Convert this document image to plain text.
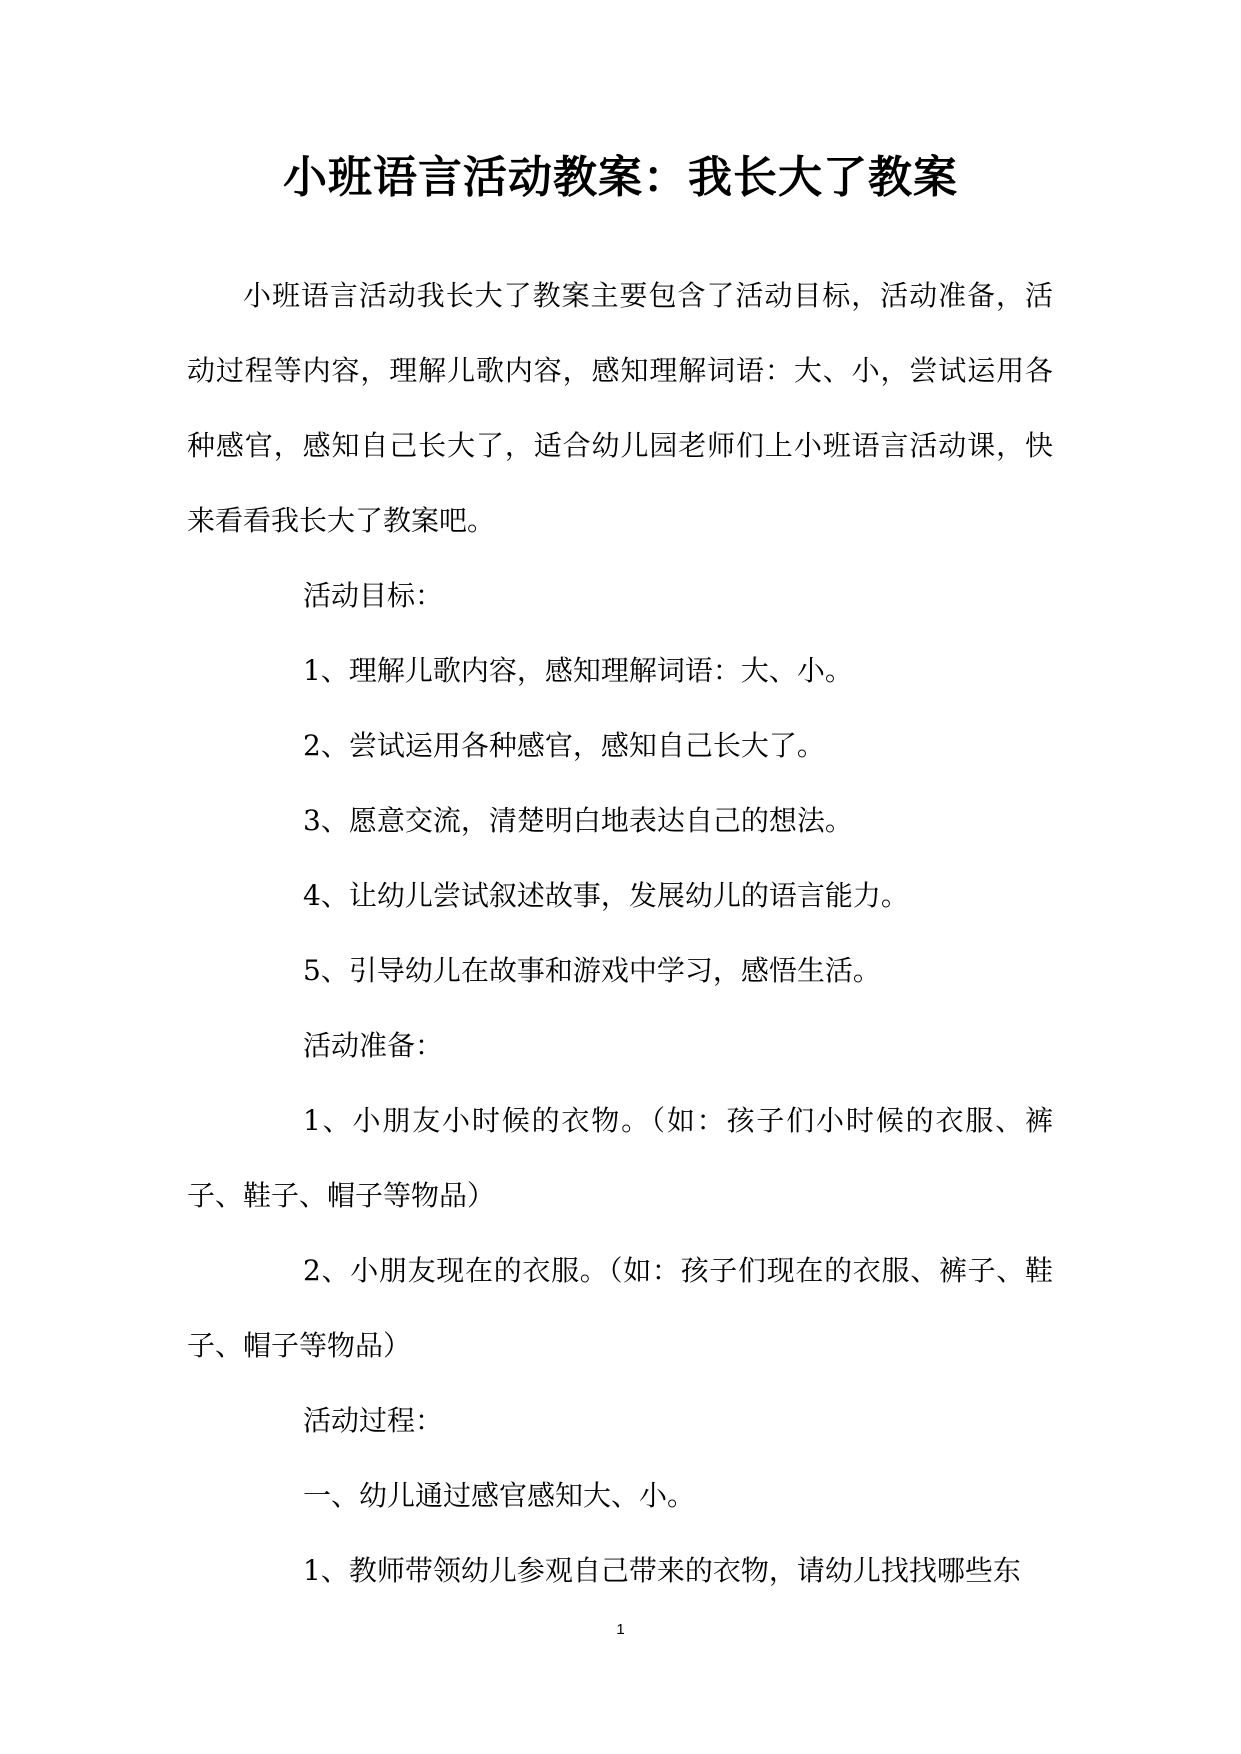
小班语言活动教案：我长大了教案

小班语言活动我长大了教案主要包含了活动目标，活动准备，活动过程等内容，理解儿歌内容，感知理解词语：大、小，尝试运用各种感官，感知自己长大了，适合幼儿园老师们上小班语言活动课，快来看看我长大了教案吧。

活动目标：

1、理解儿歌内容，感知理解词语：大、小。

2、尝试运用各种感官，感知自己长大了。

3、愿意交流，清楚明白地表达自己的想法。

4、让幼儿尝试叙述故事，发展幼儿的语言能力。

5、引导幼儿在故事和游戏中学习，感悟生活。

活动准备：

1、小朋友小时候的衣物。（如：孩子们小时候的衣服、裤子、鞋子、帽子等物品）

2、小朋友现在的衣服。（如：孩子们现在的衣服、裤子、鞋子、帽子等物品）

活动过程：

一、幼儿通过感官感知大、小。

1、教师带领幼儿参观自己带来的衣物，请幼儿找找哪些东

1
